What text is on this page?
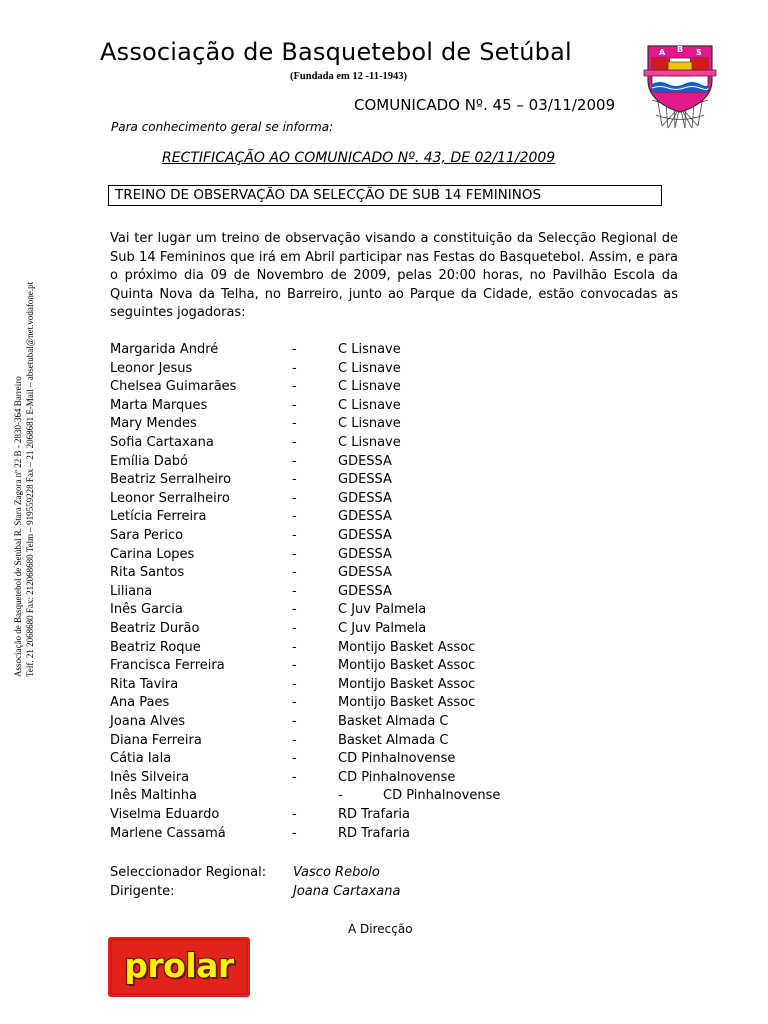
Associação de Basquetebol de Setúbal
(Fundada em 12 -11-1943)
COMUNICADO Nº. 45 – 03/11/2009
Para conhecimento geral se informa:
A B S
RECTIFICAÇÃO AO COMUNICADO Nº. 43, DE 02/11/2009
TREINO DE OBSERVAÇÃO DA SELECÇÃO DE SUB 14 FEMININOS
Vai ter lugar um treino de observação visando a constituição da Selecção Regional de Sub 14 Femininos que irá em Abril participar nas Festas do Basquetebol. Assim, e para o próximo dia 09 de Novembro de 2009, pelas 20:00 horas, no Pavilhão Escola da Quinta Nova da Telha, no Barreiro, junto ao Parque da Cidade, estão convocadas as seguintes jogadoras:
Margarida André	-	C Lisnave
Leonor Jesus	-	C Lisnave
Chelsea Guimarães	-	C Lisnave
Marta Marques	-	C Lisnave
Mary Mendes	-	C Lisnave
Sofia Cartaxana	-	C Lisnave
Emília Dabó	-	GDESSA
Beatriz Serralheiro	-	GDESSA
Leonor Serralheiro	-	GDESSA
Letícia Ferreira	-	GDESSA
Sara Perico	-	GDESSA
Carina Lopes	-	GDESSA
Rita Santos	-	GDESSA
Liliana	-	GDESSA
Inês Garcia	-	C Juv Palmela
Beatriz Durão	-	C Juv Palmela
Beatriz Roque	-	Montijo Basket Assoc
Francisca Ferreira	-	Montijo Basket Assoc
Rita Tavira	-	Montijo Basket Assoc
Ana Paes	-	Montijo Basket Assoc
Joana Alves	-	Basket Almada C
Diana Ferreira	-	Basket Almada C
Cátia Iala	-	CD Pinhalnovense
Inês Silveira	-	CD Pinhalnovense
Inês Maltinha	-	CD Pinhalnovense
Viselma Eduardo	-	RD Trafaria
Marlene Cassamá	-	RD Trafaria
Seleccionador Regional: Vasco Rebolo
Dirigente:	Joana Cartaxana
A Direcção
Associação de Basquetebol de Setúbal R. Stara Zagora nº 22 B - 2830-364 Barreiro Telf. 21 2068680 Fax: 212068680 Telm – 919559228 Fax – 21 2068681 E-Mail – absetubal@net.vodafone.pt
prolar
